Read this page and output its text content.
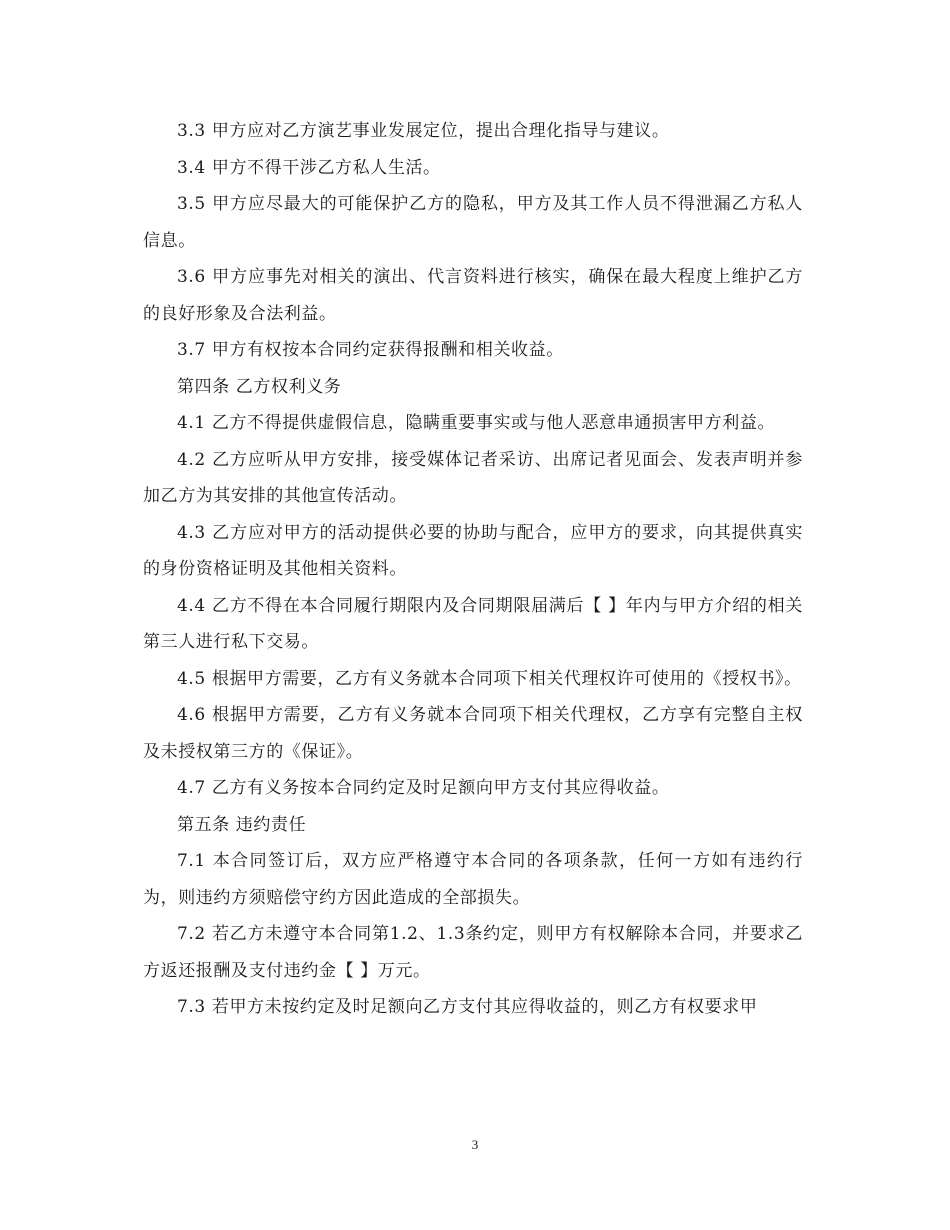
3.3 甲方应对乙方演艺事业发展定位，提出合理化指导与建议。

3.4 甲方不得干涉乙方私人生活。

3.5 甲方应尽最大的可能保护乙方的隐私，甲方及其工作人员不得泄漏乙方私人信息。

3.6 甲方应事先对相关的演出、代言资料进行核实，确保在最大程度上维护乙方的良好形象及合法利益。

3.7 甲方有权按本合同约定获得报酬和相关收益。

第四条 乙方权利义务

4.1 乙方不得提供虚假信息，隐瞒重要事实或与他人恶意串通损害甲方利益。

4.2 乙方应听从甲方安排，接受媒体记者采访、出席记者见面会、发表声明并参加乙方为其安排的其他宣传活动。

4.3 乙方应对甲方的活动提供必要的协助与配合，应甲方的要求，向其提供真实的身份资格证明及其他相关资料。

4.4 乙方不得在本合同履行期限内及合同期限届满后【 】年内与甲方介绍的相关第三人进行私下交易。

4.5 根据甲方需要，乙方有义务就本合同项下相关代理权许可使用的《授权书》。

4.6 根据甲方需要，乙方有义务就本合同项下相关代理权，乙方享有完整自主权及未授权第三方的《保证》。

4.7 乙方有义务按本合同约定及时足额向甲方支付其应得收益。

第五条 违约责任

7.1 本合同签订后，双方应严格遵守本合同的各项条款，任何一方如有违约行为，则违约方须赔偿守约方因此造成的全部损失。

7.2 若乙方未遵守本合同第1.2、1.3条约定，则甲方有权解除本合同，并要求乙方返还报酬及支付违约金【 】万元。

7.3 若甲方未按约定及时足额向乙方支付其应得收益的，则乙方有权要求甲

3
